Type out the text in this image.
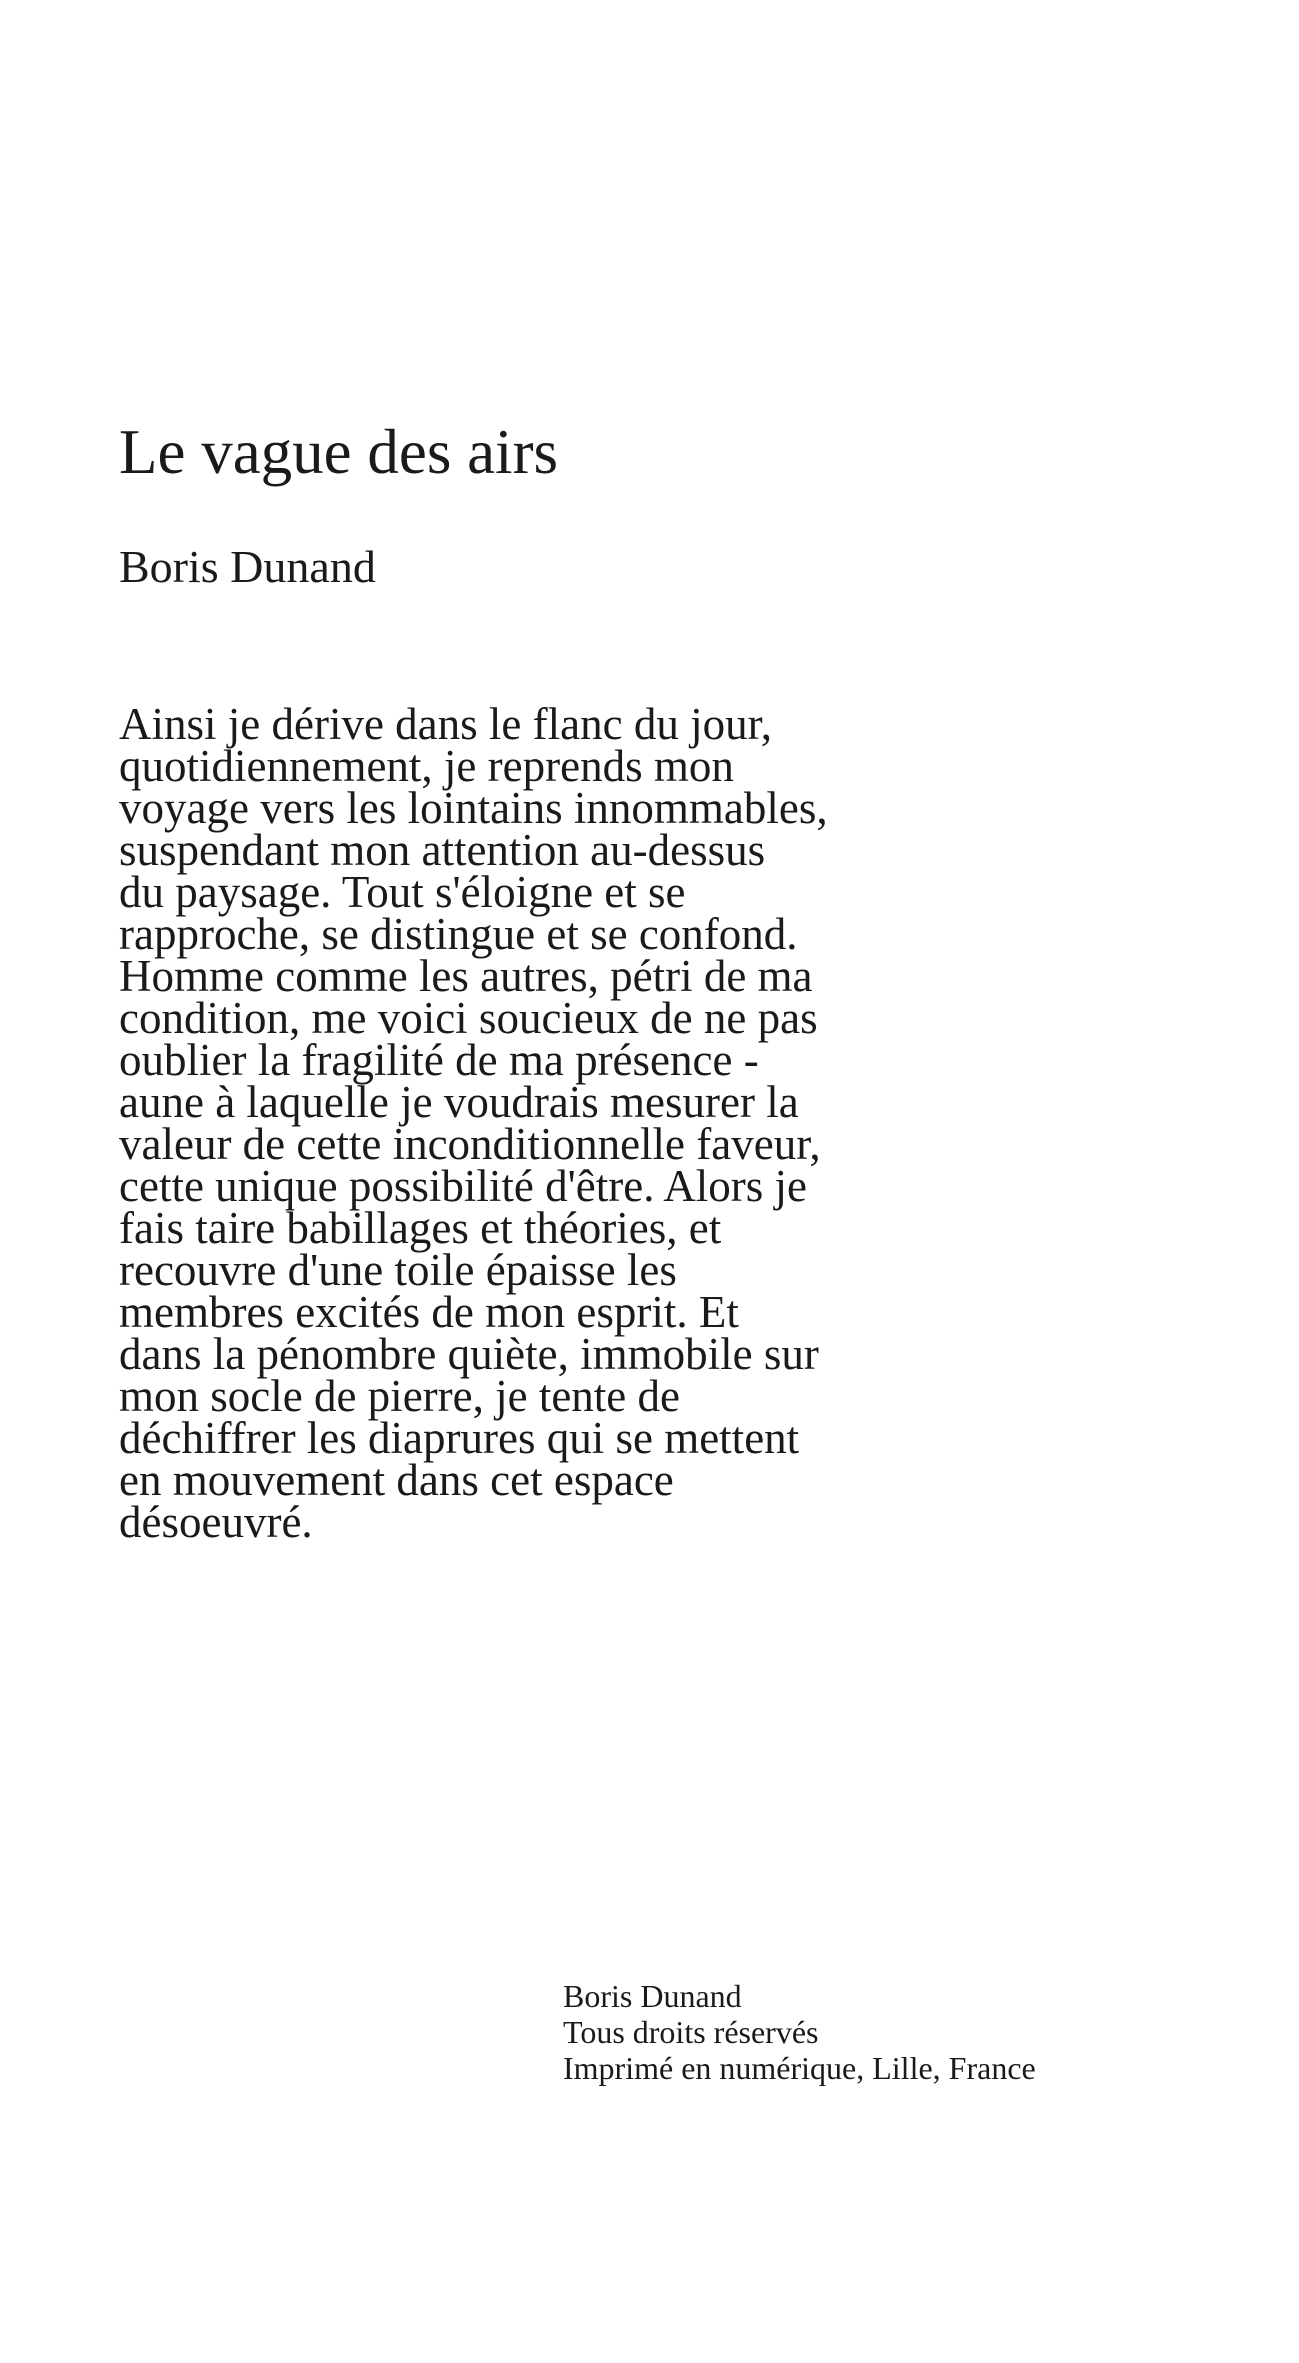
Le vague des airs

Boris Dunand

Ainsi je dérive dans le flanc du jour,
quotidiennement, je reprends mon
voyage vers les lointains innommables,
suspendant mon attention au-dessus
du paysage. Tout s'éloigne et se
rapproche, se distingue et se confond.
Homme comme les autres, pétri de ma
condition, me voici soucieux de ne pas
oublier la fragilité de ma présence -
aune à laquelle je voudrais mesurer la
valeur de cette inconditionnelle faveur,
cette unique possibilité d'être. Alors je
fais taire babillages et théories, et
recouvre d'une toile épaisse les
membres excités de mon esprit. Et
dans la pénombre quiète, immobile sur
mon socle de pierre, je tente de
déchiffrer les diaprures qui se mettent
en mouvement dans cet espace
désoeuvré.

Boris Dunand
Tous droits réservés
Imprimé en numérique, Lille, France
